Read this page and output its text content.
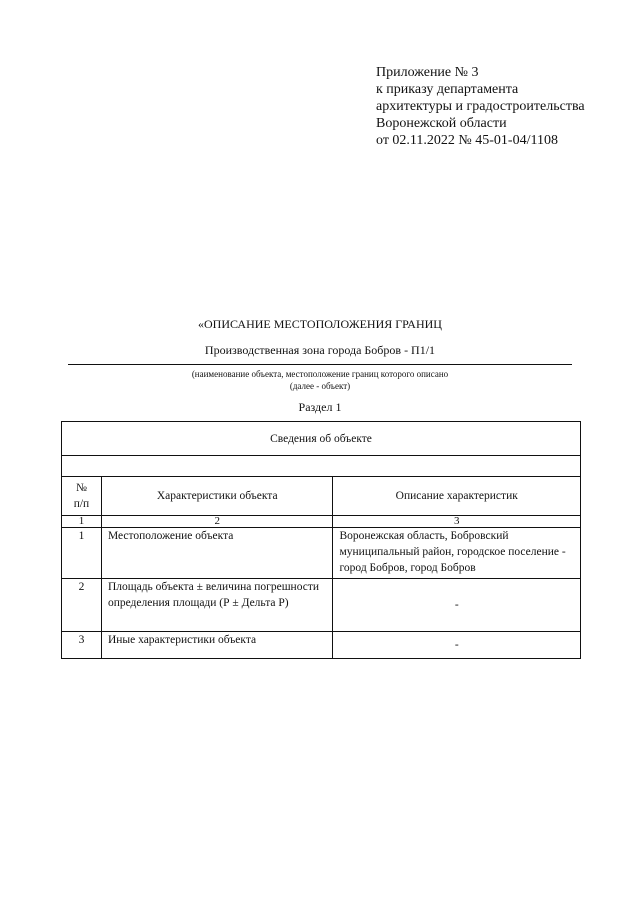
Приложение № 3
к приказу департамента
архитектуры и градостроительства
Воронежской области
от 02.11.2022 № 45-01-04/1108
«ОПИСАНИЕ МЕСТОПОЛОЖЕНИЯ ГРАНИЦ
Производственная зона города Бобров - П1/1
(наименование объекта, местоположение границ которого описано
(далее - объект)
Раздел 1
Сведения об объекте		

№
п/п	Характеристики объекта	Описание характеристик
1	2	3
1	Местоположение объекта	Воронежская область, Бобровский муниципальный район, городское поселение - город Бобров, город Бобров
2	Площадь объекта ± величина погрешности определения площади (Р ± Дельта Р)	-
3	Иные характеристики объекта	-
